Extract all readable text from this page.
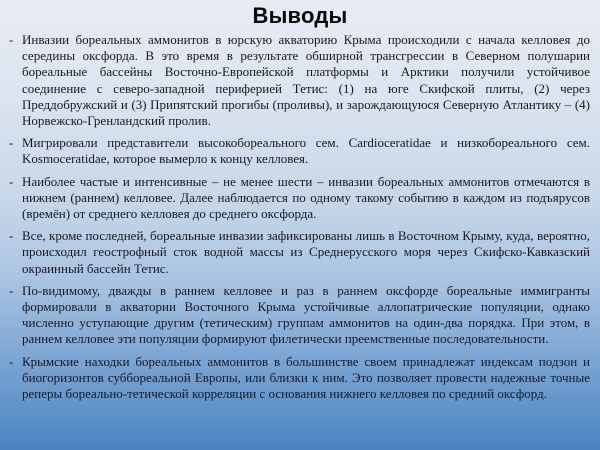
Выводы
- Инвазии бореальных аммонитов в юрскую акваторию Крыма происходили с начала келловея до середины оксфорда. В это время в результате обширной трансгрессии в Северном полушарии бореальные бассейны Восточно-Европейской платформы и Арктики получили устойчивое соединение с северо-западной периферией Тетис: (1) на юге Скифской плиты, (2) через Преддобружский и (3) Припятский прогибы (проливы), и зарождающуюся Северную Атлантику – (4) Норвежско-Гренландский пролив.
- Мигрировали представители высокобореального сем. Cardioceratidae и низкобореального сем. Kosmoceratidae, которое вымерло к концу келловея.
- Наиболее частые и интенсивные – не менее шести – инвазии бореальных аммонитов отмечаются в нижнем (раннем) келловее. Далее наблюдается по одному такому событию в каждом из подъярусов (времён) от среднего келловея до среднего оксфорда.
- Все, кроме последней, бореальные инвазии зафиксированы лишь в Восточном Крыму, куда, вероятно, происходил геострофный сток водной массы из Среднерусского моря через Скифско-Кавказский окраинный бассейн Тетис.
- По-видимому, дважды в раннем келловее и раз в раннем оксфорде бореальные иммигранты формировали в акватории Восточного Крыма устойчивые аллопатрические популяции, однако численно уступающие другим (тетическим) группам аммонитов на один-два порядка. При этом, в раннем келловее эти популяции формируют филетически преемственные последовательности.
- Крымские находки бореальных аммонитов в большинстве своем принадлежат индексам подзон и биогоризонтов суббореальной Европы, или близки к ним. Это позволяет провести надежные точные реперы бореально-тетической корреляции с основания нижнего келловея по средний оксфорд.
